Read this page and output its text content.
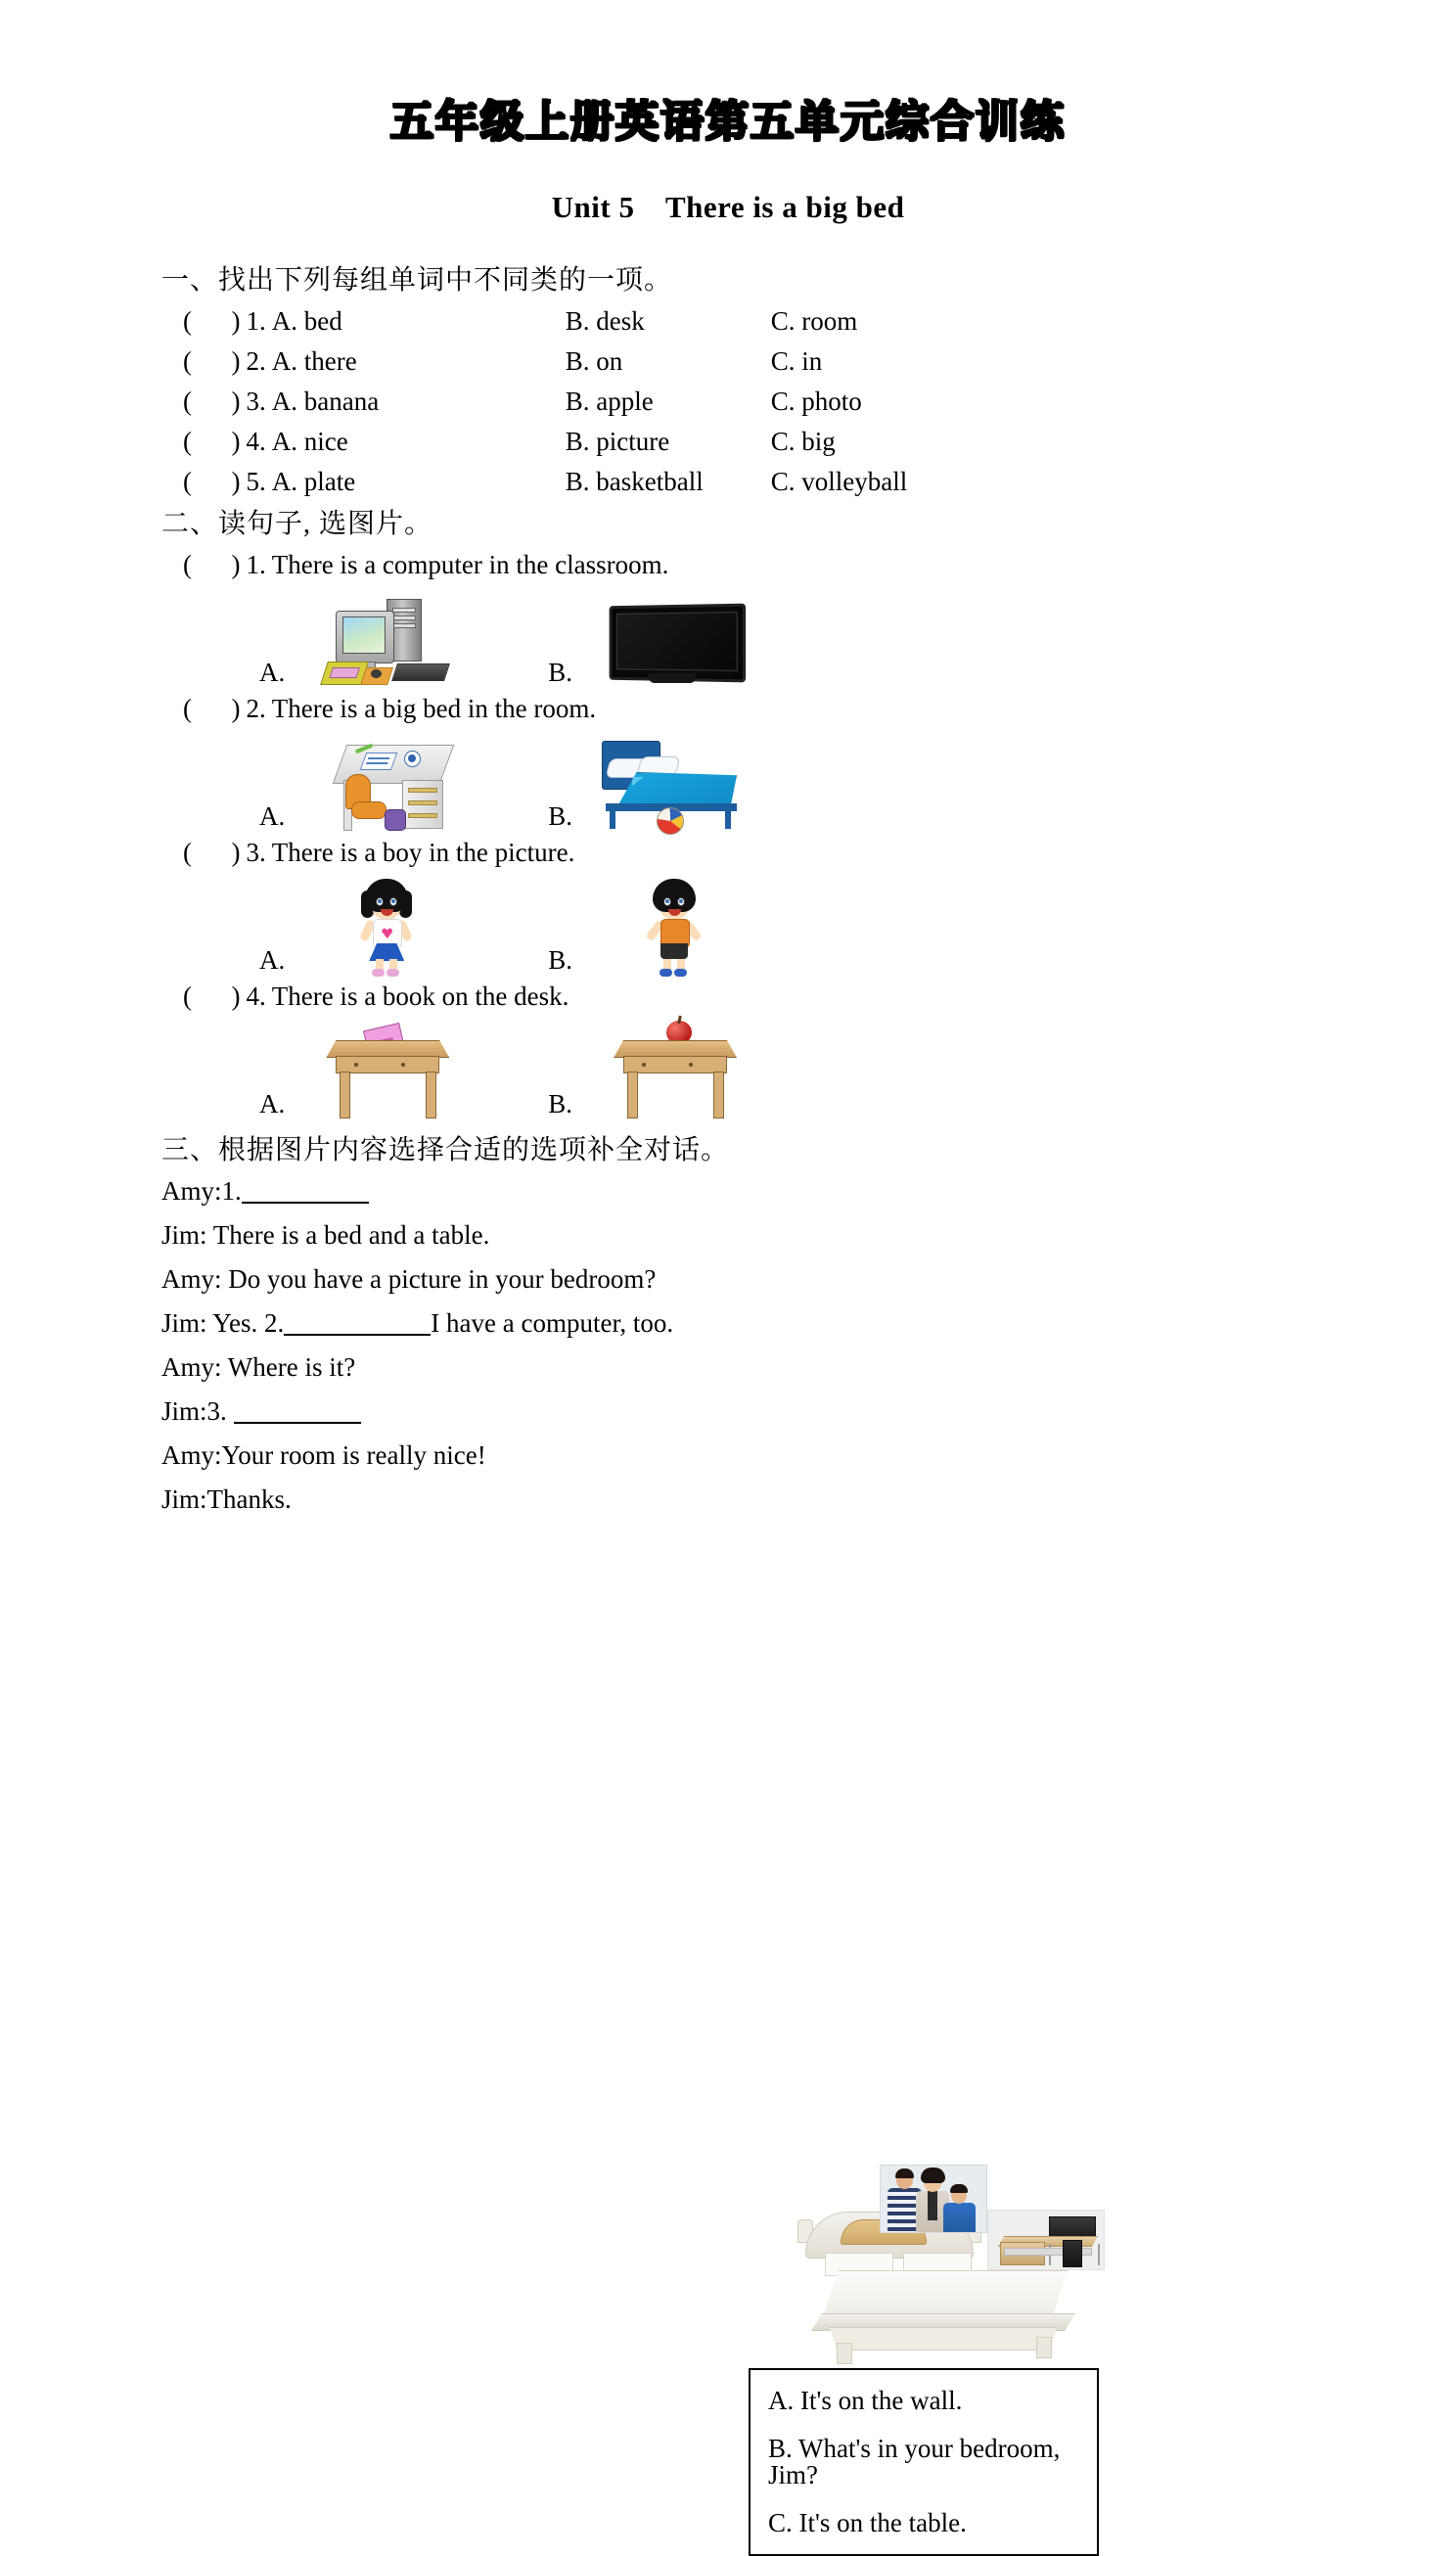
五年级上册英语第五单元综合训练
Unit 5　There is a big bed
一、找出下列每组单词中不同类的一项。
(      ) 1. A. bed	B. desk	C. room
(      ) 2. A. there	B. on	C. in
(      ) 3. A. banana	B. apple	C. photo
(      ) 4. A. nice	B. picture	C. big
(      ) 5. A. plate	B. basketball	C. volleyball
二、读句子, 选图片。
(      ) 1. There is a computer in the classroom.
A.	B.
(      ) 2. There is a big bed in the room.
A.	B.
(      ) 3. There is a boy in the picture.
A.	B.
(      ) 4. There is a book on the desk.
A.	B.
三、根据图片内容选择合适的选项补全对话。
Amy:1.
Jim: There is a bed and a table.
Amy: Do you have a picture in your bedroom?
Jim: Yes. 2.	I have a computer, too.
Amy: Where is it?
Jim:3.
Amy:Your room is really nice!
Jim:Thanks.
A. It's on the wall.
B. What's in your bedroom, Jim?
C. It's on the table.
